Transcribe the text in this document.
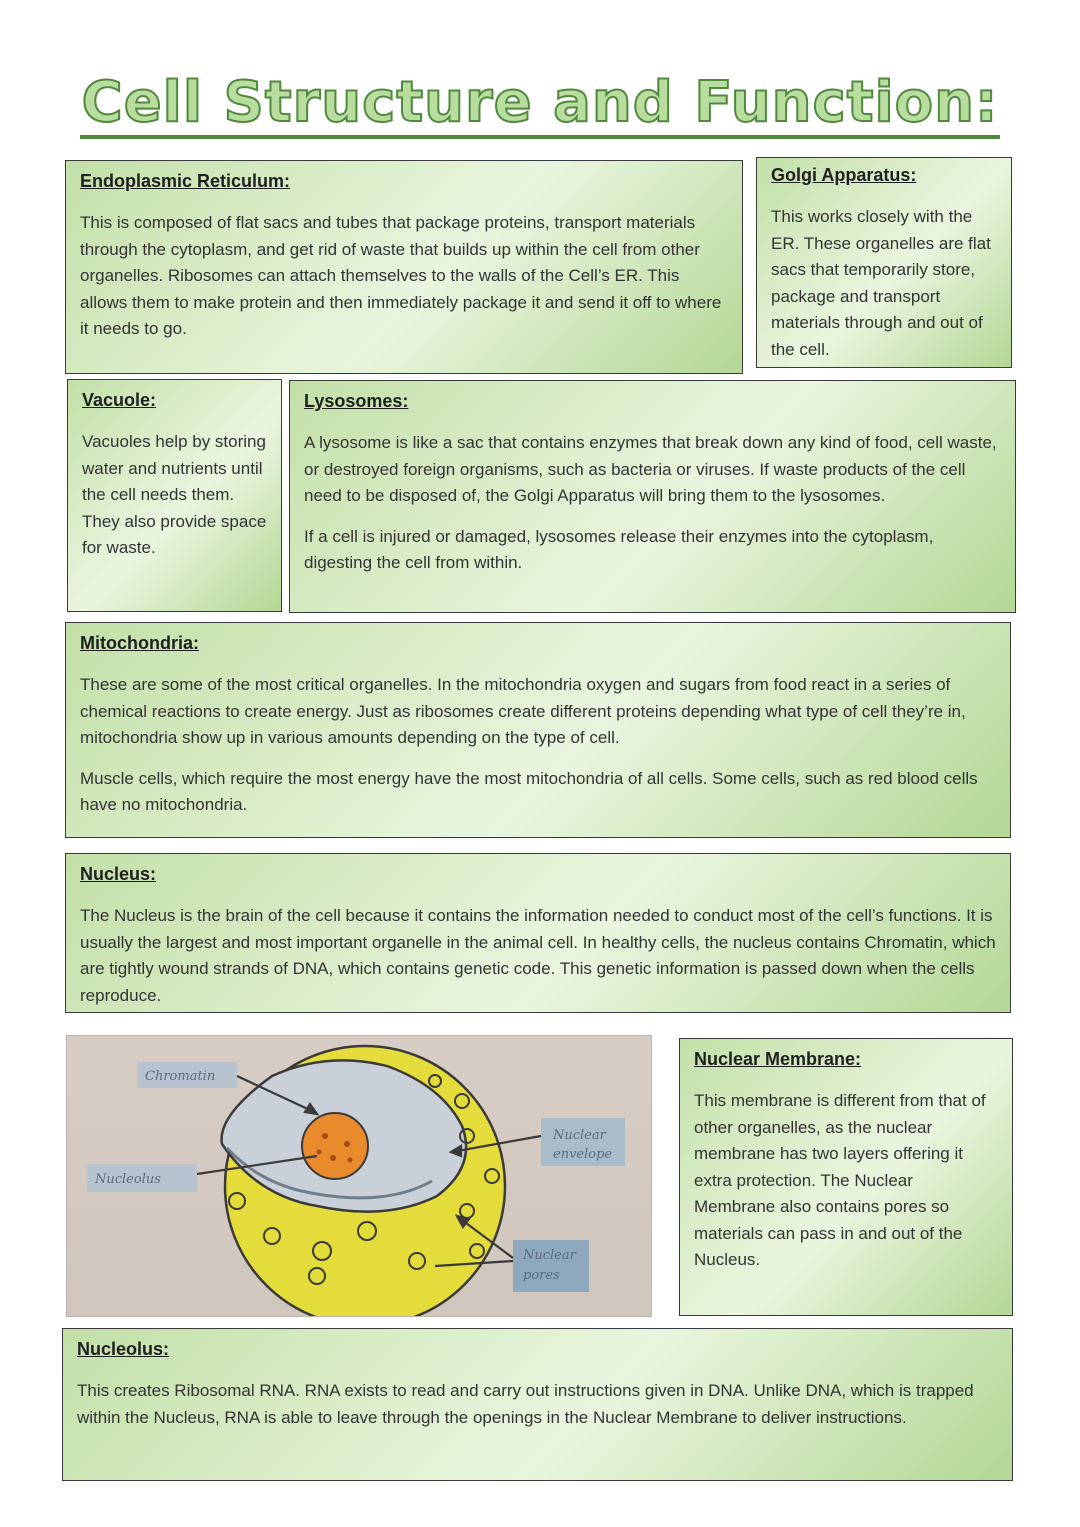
Cell Structure and Function:
Endoplasmic Reticulum:

This is composed of flat sacs and tubes that package proteins, transport materials through the cytoplasm, and get rid of waste that builds up within the cell from other organelles. Ribosomes can attach themselves to the walls of the Cell’s ER. This allows them to make protein and then immediately package it and send it off to where it needs to go.

Golgi Apparatus:

This works closely with the ER. These organelles are flat sacs that temporarily store, package and transport materials through and out of the cell.

Vacuole:

Vacuoles help by storing water and nutrients until the cell needs them. They also provide space for waste.

Lysosomes:

A lysosome is like a sac that contains enzymes that break down any kind of food, cell waste, or destroyed foreign organisms, such as bacteria or viruses. If waste products of the cell need to be disposed of, the Golgi Apparatus will bring them to the lysosomes.

If a cell is injured or damaged, lysosomes release their enzymes into the cytoplasm, digesting the cell from within.

Mitochondria:

These are some of the most critical organelles. In the mitochondria oxygen and sugars from food react in a series of chemical reactions to create energy. Just as ribosomes create different proteins depending what type of cell they’re in, mitochondria show up in various amounts depending on the type of cell.

Muscle cells, which require the most energy have the most mitochondria of all cells. Some cells, such as red blood cells have no mitochondria.

Nucleus:

The Nucleus is the brain of the cell because it contains the information needed to conduct most of the cell’s functions. It is usually the largest and most important organelle in the animal cell. In healthy cells, the nucleus contains Chromatin, which are tightly wound strands of DNA, which contains genetic code. This genetic information is passed down when the cells reproduce.

Chromatin
Nucleolus
Nuclear
envelope
Nuclear
pores
Nuclear Membrane:

This membrane is different from that of other organelles, as the nuclear membrane has two layers offering it extra protection. The Nuclear Membrane also contains pores so materials can pass in and out of the Nucleus.

Nucleolus:

This creates Ribosomal RNA. RNA exists to read and carry out instructions given in DNA. Unlike DNA, which is trapped within the Nucleus, RNA is able to leave through the openings in the Nuclear Membrane to deliver instructions.
